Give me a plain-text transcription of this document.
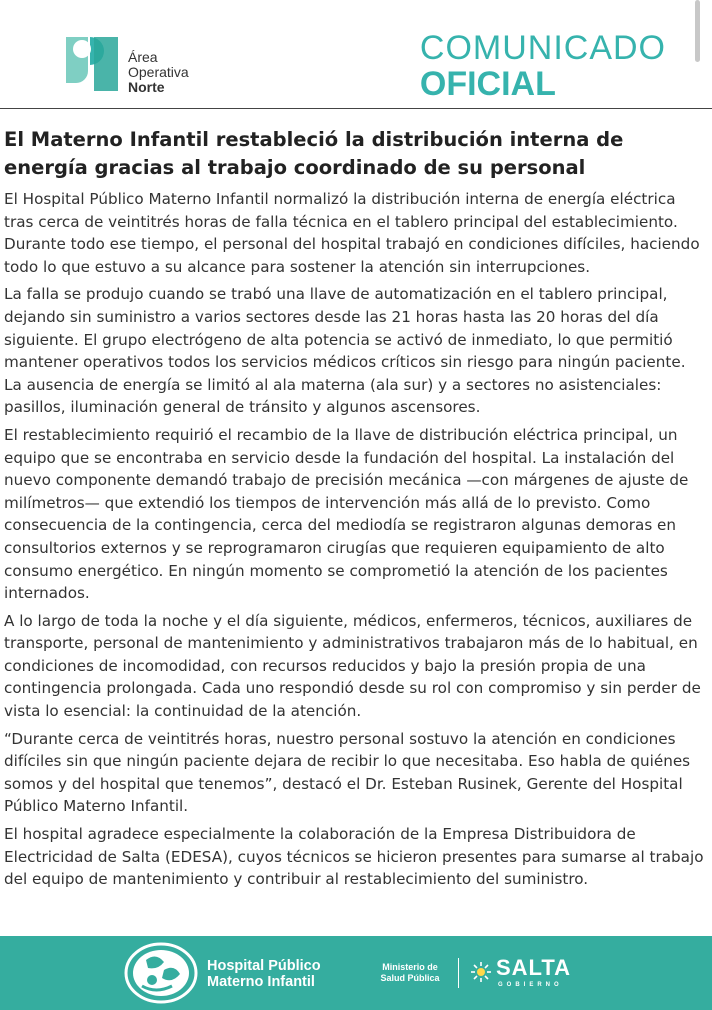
Área
Operativa
Norte
COMUNICADO
OFICIAL
El Materno Infantil restableció la distribución interna de energía gracias al trabajo coordinado de su personal

El Hospital Público Materno Infantil normalizó la distribución interna de energía eléctrica tras cerca de veintitrés horas de falla técnica en el tablero principal del establecimiento. Durante todo ese tiempo, el personal del hospital trabajó en condiciones difíciles, haciendo todo lo que estuvo a su alcance para sostener la atención sin interrupciones.

La falla se produjo cuando se trabó una llave de automatización en el tablero principal, dejando sin suministro a varios sectores desde las 21 horas hasta las 20 horas del día siguiente. El grupo electrógeno de alta potencia se activó de inmediato, lo que permitió mantener operativos todos los servicios médicos críticos sin riesgo para ningún paciente. La ausencia de energía se limitó al ala materna (ala sur) y a sectores no asistenciales: pasillos, iluminación general de tránsito y algunos ascensores.

El restablecimiento requirió el recambio de la llave de distribución eléctrica principal, un equipo que se encontraba en servicio desde la fundación del hospital. La instalación del nuevo componente demandó trabajo de precisión mecánica —con márgenes de ajuste de milímetros— que extendió los tiempos de intervención más allá de lo previsto. Como consecuencia de la contingencia, cerca del mediodía se registraron algunas demoras en consultorios externos y se reprogramaron cirugías que requieren equipamiento de alto consumo energético. En ningún momento se comprometió la atención de los pacientes internados.

A lo largo de toda la noche y el día siguiente, médicos, enfermeros, técnicos, auxiliares de transporte, personal de mantenimiento y administrativos trabajaron más de lo habitual, en condiciones de incomodidad, con recursos reducidos y bajo la presión propia de una contingencia prolongada. Cada uno respondió desde su rol con compromiso y sin perder de vista lo esencial: la continuidad de la atención.

“Durante cerca de veintitrés horas, nuestro personal sostuvo la atención en condiciones difíciles sin que ningún paciente dejara de recibir lo que necesitaba. Eso habla de quiénes somos y del hospital que tenemos”, destacó el Dr. Esteban Rusinek, Gerente del Hospital Público Materno Infantil.

El hospital agradece especialmente la colaboración de la Empresa Distribuidora de Electricidad de Salta (EDESA), cuyos técnicos se hicieron presentes para sumarse al trabajo del equipo de mantenimiento y contribuir al restablecimiento del suministro.

Hospital Público
Materno Infantil
Ministerio de
Salud Pública	SALTA
GOBIERNO
